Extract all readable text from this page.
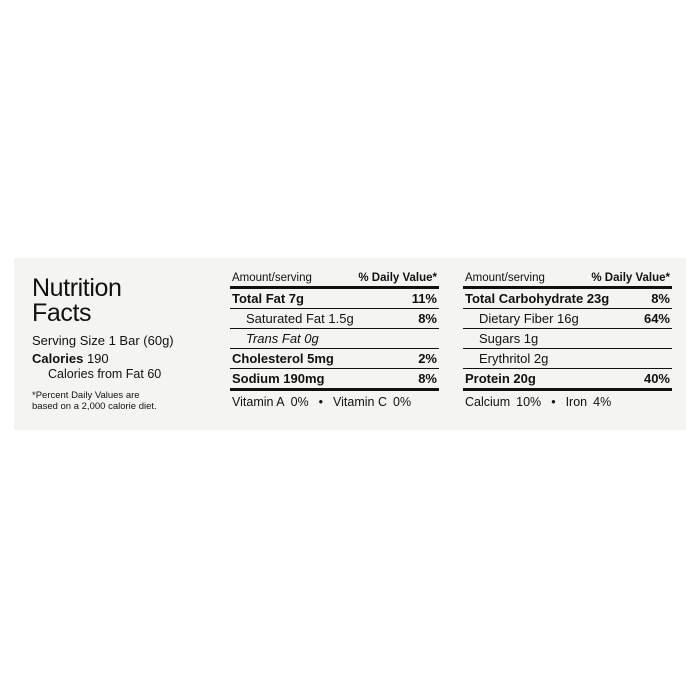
Nutrition
Facts
Serving Size 1 Bar (60g)
Calories 190
Calories from Fat 60
*Percent Daily Values are
based on a 2,000 calorie diet.
Amount/serving	% Daily Value*
Total Fat 7g	11%
Saturated Fat 1.5g	8%
Trans Fat 0g
Cholesterol 5mg	2%
Sodium 190mg	8%
Vitamin A 0% • Vitamin C 0%
Amount/serving	% Daily Value*
Total Carbohydrate 23g	8%
Dietary Fiber 16g	64%
Sugars 1g
Erythritol 2g
Protein 20g	40%
Calcium 10% • Iron 4%
